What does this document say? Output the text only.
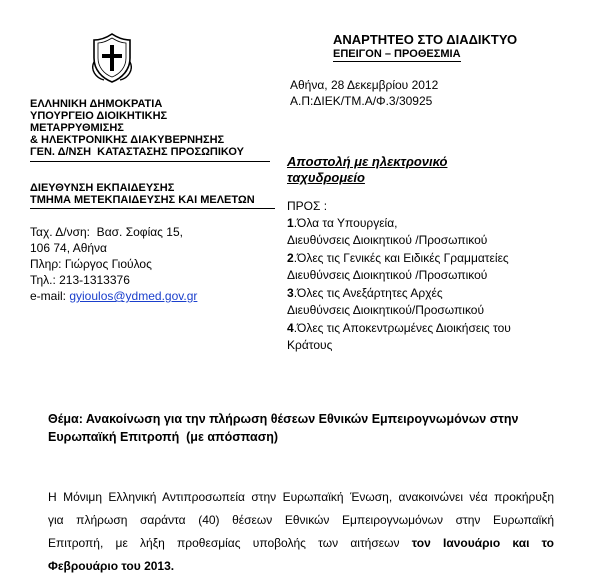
ΑΝΑΡΤΗΤΕΟ ΣΤΟ ΔΙΑΔΙΚΤΥΟ
ΕΠΕΙΓΟΝ – ΠΡΟΘΕΣΜΙΑ
ΕΛΛΗΝΙΚΗ ΔΗΜΟΚΡΑΤΙΑ
ΥΠΟΥΡΓΕΙΟ ΔΙΟΙΚΗΤΙΚΗΣ
ΜΕΤΑΡΡΥΘΜΙΣΗΣ
& ΗΛΕΚΤΡΟΝΙΚΗΣ ΔΙΑΚΥΒΕΡΝΗΣΗΣ
ΓΕΝ. Δ/ΝΣΗ  ΚΑΤΑΣΤΑΣΗΣ ΠΡΟΣΩΠΙΚΟΥ
ΔΙΕΥΘΥΝΣΗ ΕΚΠΑΙΔΕΥΣΗΣ
ΤΜΗΜΑ ΜΕΤΕΚΠΑΙΔΕΥΣΗΣ ΚΑΙ ΜΕΛΕΤΩΝ
Ταχ. Δ/νση:  Βασ. Σοφίας 15,
106 74, Αθήνα
Πληρ: Γιώργος Γιούλος
Τηλ.: 213-1313376
e-mail: gyioulos@ydmed.gov.gr
Αθήνα, 28 Δεκεμβρίου 2012
Α.Π:ΔΙΕΚ/ΤΜ.Α/Φ.3/30925
Αποστολή με ηλεκτρονικό
ταχυδρομείο
ΠΡΟΣ :
1.Όλα τα Υπουργεία,
Διευθύνσεις Διοικητικού /Προσωπικού
2.Όλες τις Γενικές και Ειδικές Γραμματείες
Διευθύνσεις Διοικητικού /Προσωπικού
3.Όλες τις Ανεξάρτητες Αρχές
Διευθύνσεις Διοικητικού/Προσωπικού
4.Όλες τις Αποκεντρωμένες Διοικήσεις του
Κράτους
Θέμα: Ανακοίνωση για την πλήρωση θέσεων Εθνικών Εμπειρογνωμόνων στην
Ευρωπαϊκή Επιτροπή  (με απόσπαση)
Η Μόνιμη Ελληνική Αντιπροσωπεία στην Ευρωπαϊκή Ένωση, ανακοινώνει νέα προκήρυξη
για πλήρωση σαράντα (40) θέσεων Εθνικών Εμπειρογνωμόνων στην Ευρωπαϊκή
Επιτροπή, με λήξη προθεσμίας υποβολής των αιτήσεων τον Ιανουάριο και το
Φεβρουάριο του 2013.
